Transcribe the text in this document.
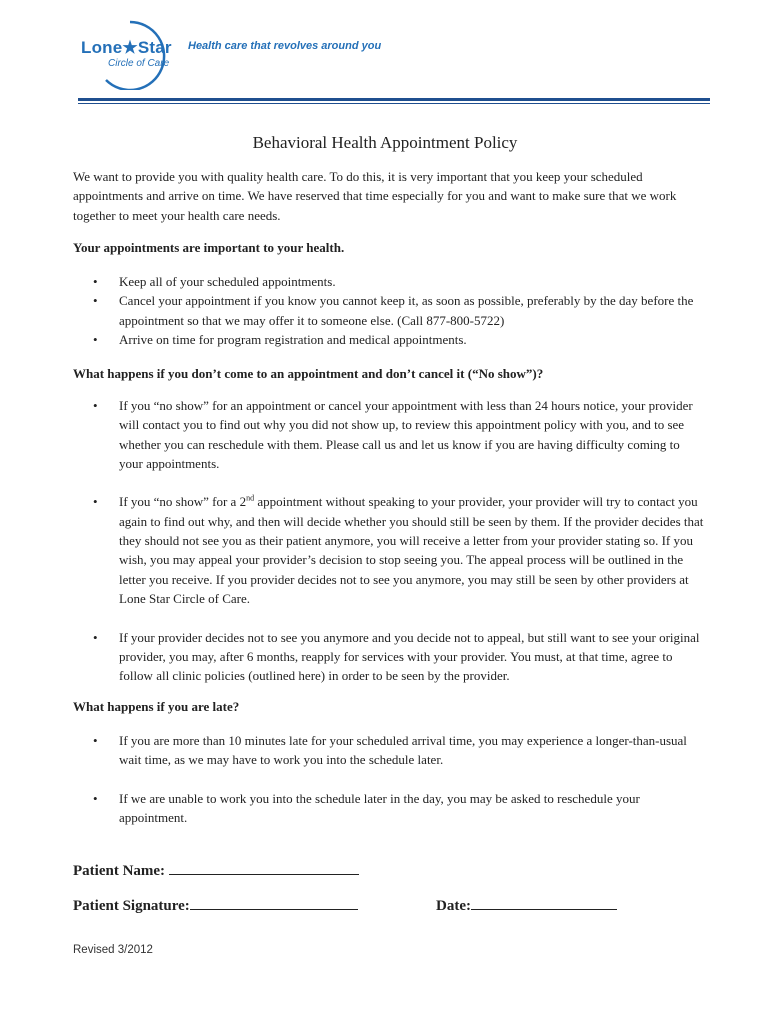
Lone★Star
Circle of Care
Health care that revolves around you
Behavioral Health Appointment Policy
We want to provide you with quality health care. To do this, it is very important that you keep your scheduled appointments and arrive on time. We have reserved that time especially for you and want to make sure that we work together to meet your health care needs.
Your appointments are important to your health.
• Keep all of your scheduled appointments.
• Cancel your appointment if you know you cannot keep it, as soon as possible, preferably by the day before the appointment so that we may offer it to someone else. (Call 877-800-5722)
• Arrive on time for program registration and medical appointments.
What happens if you don’t come to an appointment and don’t cancel it (“No show”)?
• If you “no show” for an appointment or cancel your appointment with less than 24 hours notice, your provider will contact you to find out why you did not show up, to review this appointment policy with you, and to see whether you can reschedule with them. Please call us and let us know if you are having difficulty coming to your appointments.
• If you “no show” for a 2nd appointment without speaking to your provider, your provider will try to contact you again to find out why, and then will decide whether you should still be seen by them. If the provider decides that they should not see you as their patient anymore, you will receive a letter from your provider stating so. If you wish, you may appeal your provider’s decision to stop seeing you. The appeal process will be outlined in the letter you receive. If you provider decides not to see you anymore, you may still be seen by other providers at Lone Star Circle of Care.
• If your provider decides not to see you anymore and you decide not to appeal, but still want to see your original provider, you may, after 6 months, reapply for services with your provider. You must, at that time, agree to follow all clinic policies (outlined here) in order to be seen by the provider.
What happens if you are late?
• If you are more than 10 minutes late for your scheduled arrival time, you may experience a longer-than-usual wait time, as we may have to work you into the schedule later.
• If we are unable to work you into the schedule later in the day, you may be asked to reschedule your appointment.
Patient Name:
Patient Signature:	Date:
Revised 3/2012
